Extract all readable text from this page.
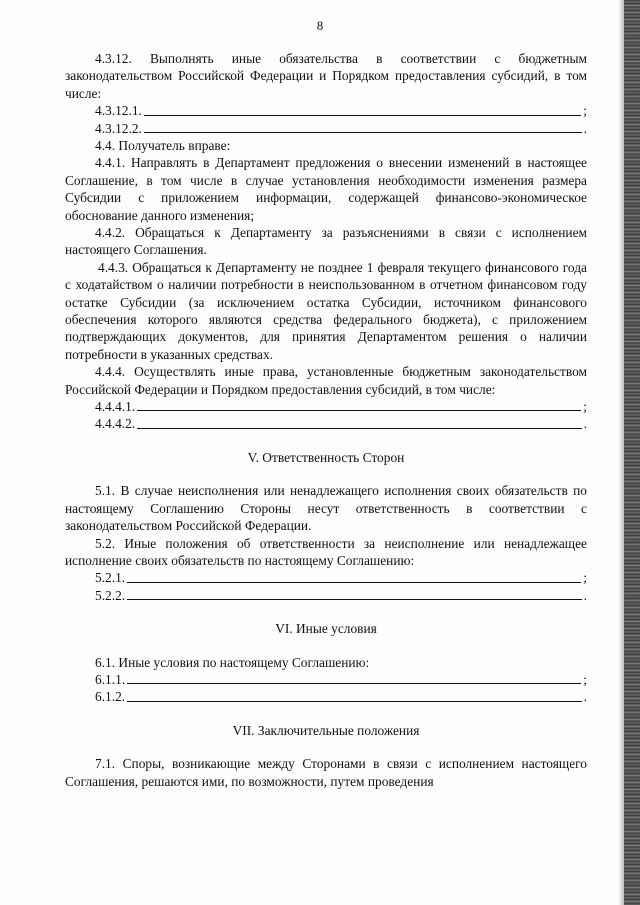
8

4.3.12. Выполнять иные обязательства в соответствии с бюджетным законодательством Российской Федерации и Порядком предоставления субсидий, в том числе:

4.3.12.1.	;
4.3.12.2.	.

4.4. Получатель вправе:

4.4.1. Направлять в Департамент предложения о внесении изменений в настоящее Соглашение, в том числе в случае установления необходимости изменения размера Субсидии с приложением информации, содержащей финансово-экономическое обоснование данного изменения;

4.4.2. Обращаться к Департаменту за разъяснениями в связи с исполнением настоящего Соглашения.

4.4.3. Обращаться к Департаменту не позднее 1 февраля текущего финансового года с ходатайством о наличии потребности в неиспользованном в отчетном финансовом году остатке Субсидии (за исключением остатка Субсидии, источником финансового обеспечения которого являются средства федерального бюджета), с приложением подтверждающих документов, для принятия Департаментом решения о наличии потребности в указанных средствах.

4.4.4. Осуществлять иные права, установленные бюджетным законодательством Российской Федерации и Порядком предоставления субсидий, в том числе:

4.4.4.1.	;
4.4.4.2.	.

V. Ответственность Сторон

5.1. В случае неисполнения или ненадлежащего исполнения своих обязательств по настоящему Соглашению Стороны несут ответственность в соответствии с законодательством Российской Федерации.

5.2. Иные положения об ответственности за неисполнение или ненадлежащее исполнение своих обязательств по настоящему Соглашению:

5.2.1.	;
5.2.2.	.

VI. Иные условия

6.1. Иные условия по настоящему Соглашению:

6.1.1.	;
6.1.2.	.

VII. Заключительные положения

7.1. Споры, возникающие между Сторонами в связи с исполнением настоящего Соглашения, решаются ими, по возможности, путем проведения
